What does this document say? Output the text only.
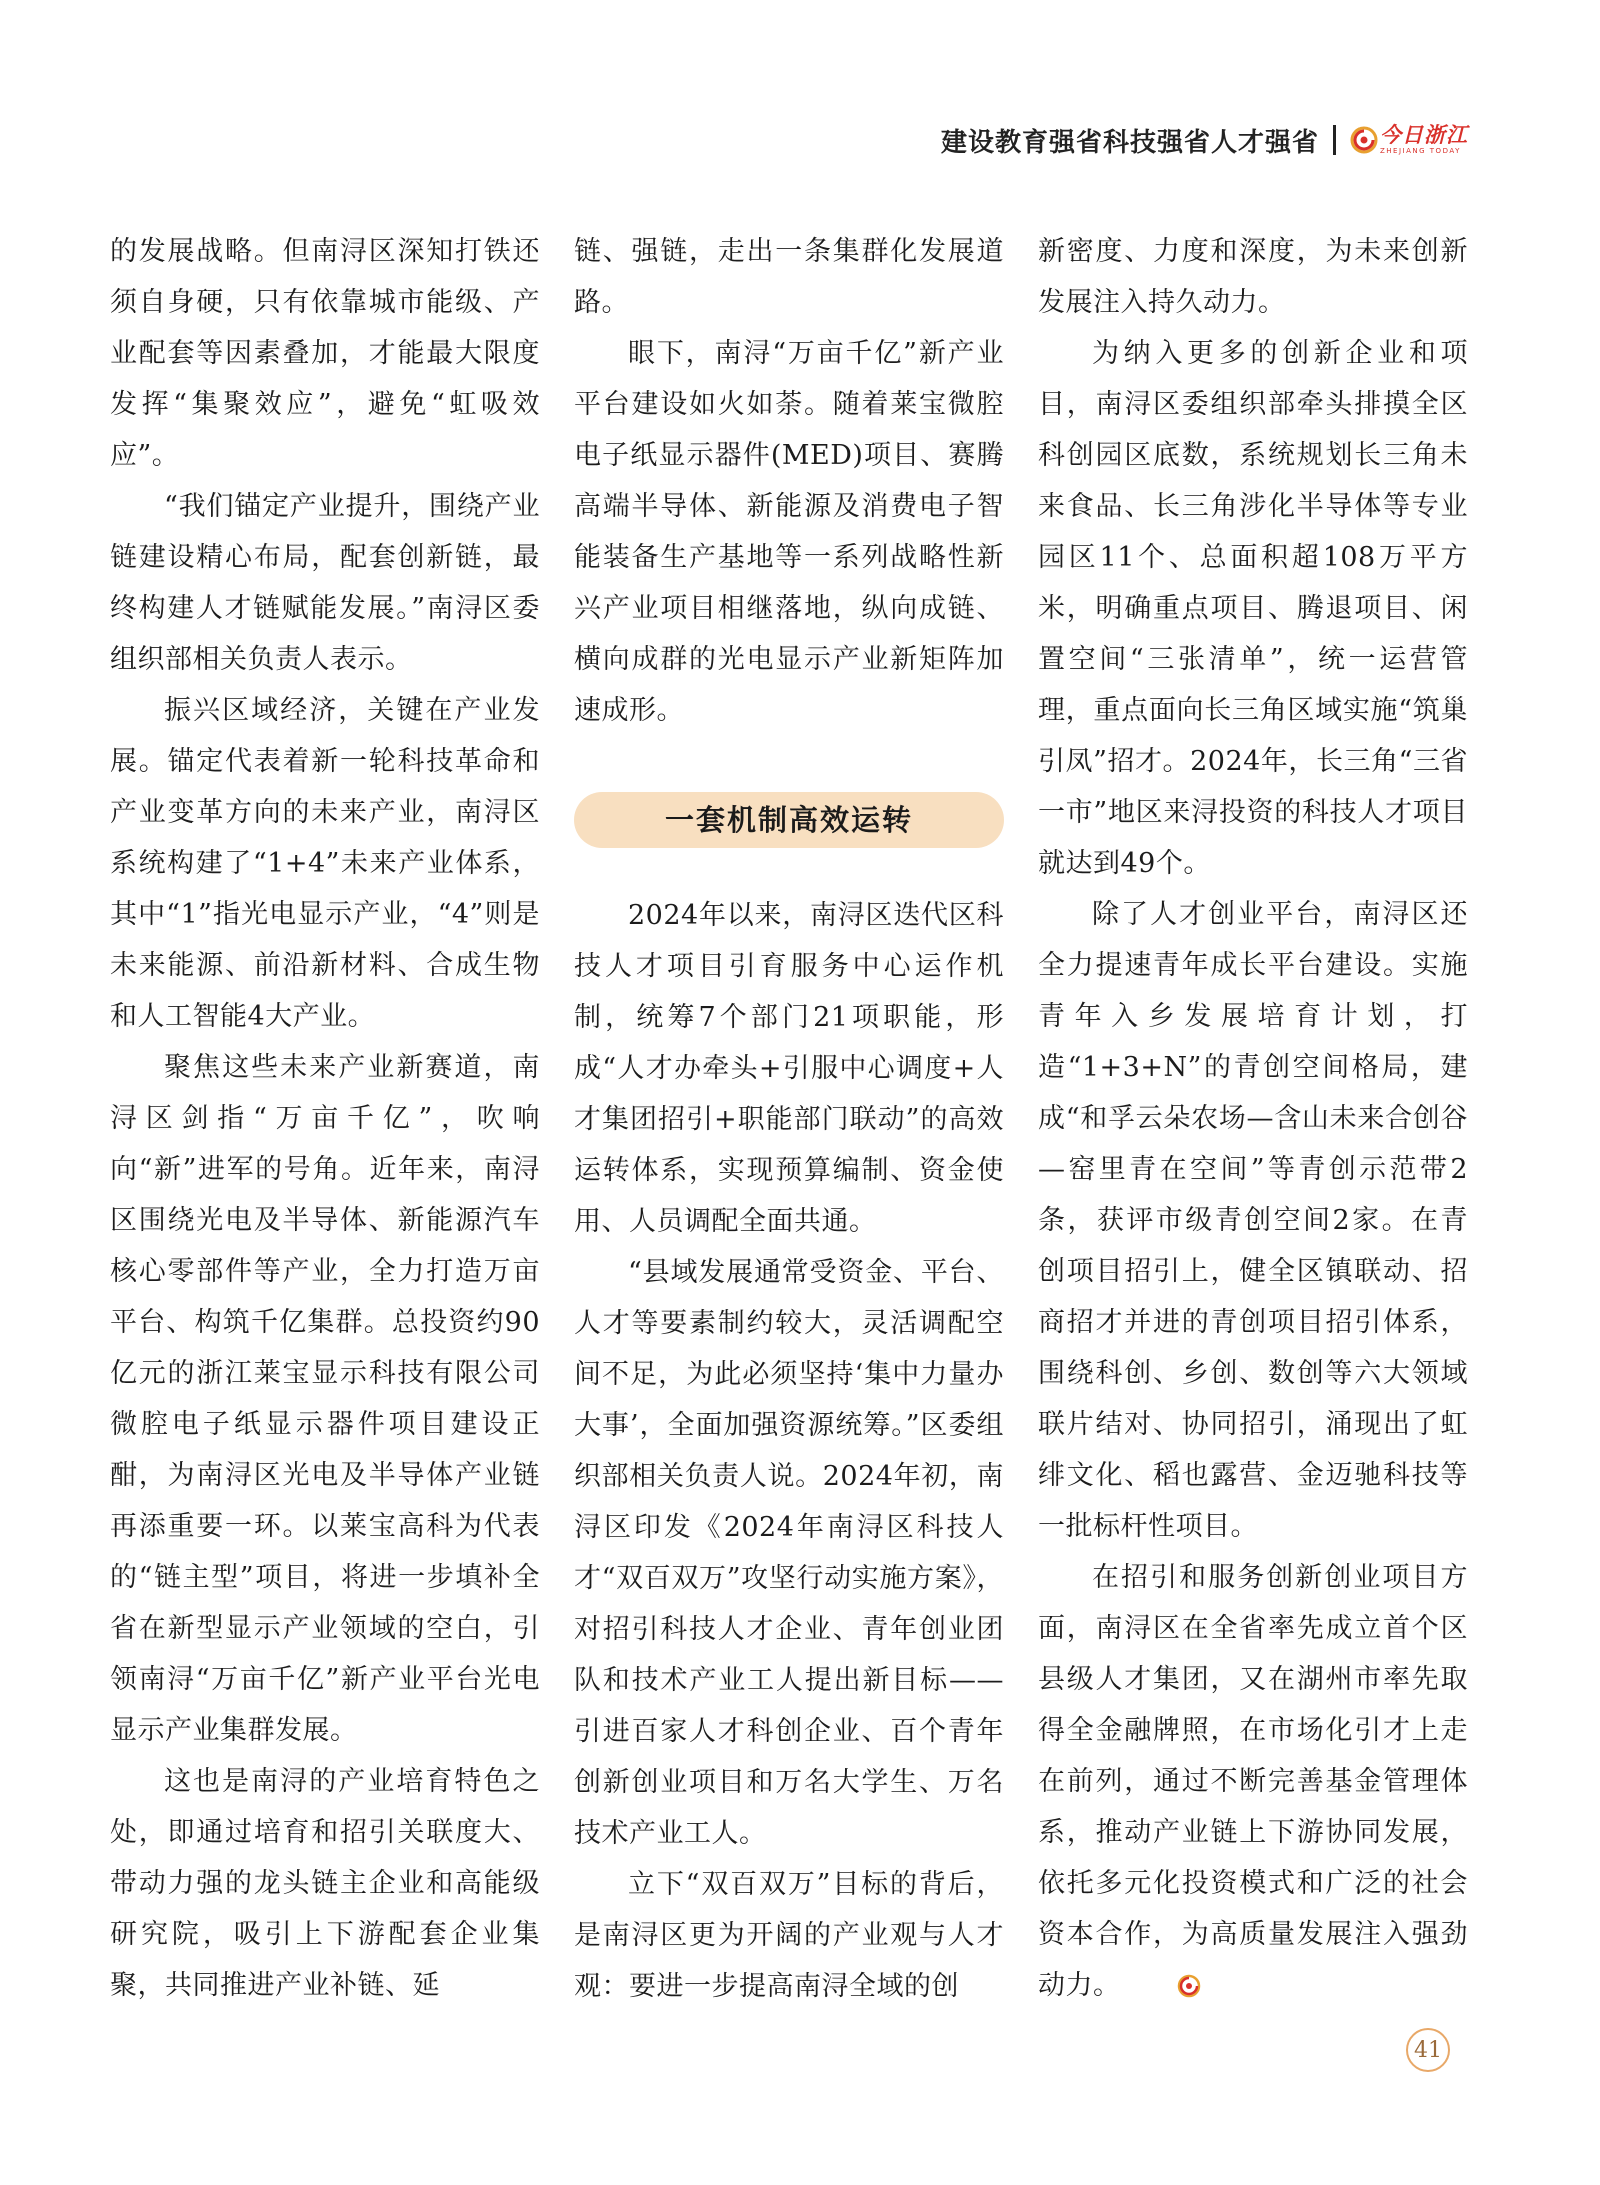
建设教育强省科技强省人才强省	今日浙江
ZHEJIANG TODAY

的发展战略。但南浔区深知打铁还须自身硬，只有依靠城市能级、产业配套等因素叠加，才能最大限度发挥“集聚效应”，避免“虹吸效应”。

“我们锚定产业提升，围绕产业链建设精心布局，配套创新链，最终构建人才链赋能发展。”南浔区委组织部相关负责人表示。

振兴区域经济，关键在产业发展。锚定代表着新一轮科技革命和产业变革方向的未来产业，南浔区系统构建了“1+4”未来产业体系，其中“1”指光电显示产业，“4”则是未来能源、前沿新材料、合成生物和人工智能4大产业。

聚焦这些未来产业新赛道，南浔区剑指“万亩千亿”，吹响向“新”进军的号角。近年来，南浔区围绕光电及半导体、新能源汽车核心零部件等产业，全力打造万亩平台、构筑千亿集群。总投资约90亿元的浙江莱宝显示科技有限公司微腔电子纸显示器件项目建设正酣，为南浔区光电及半导体产业链再添重要一环。以莱宝高科为代表的“链主型”项目，将进一步填补全省在新型显示产业领域的空白，引领南浔“万亩千亿”新产业平台光电显示产业集群发展。

这也是南浔的产业培育特色之处，即通过培育和招引关联度大、带动力强的龙头链主企业和高能级研究院，吸引上下游配套企业集聚，共同推进产业补链、延

链、强链，走出一条集群化发展道路。

眼下，南浔“万亩千亿”新产业平台建设如火如荼。随着莱宝微腔电子纸显示器件(MED)项目、赛腾高端半导体、新能源及消费电子智能装备生产基地等一系列战略性新兴产业项目相继落地，纵向成链、横向成群的光电显示产业新矩阵加速成形。

一套机制高效运转

2024年以来，南浔区迭代区科技人才项目引育服务中心运作机制，统筹7个部门21项职能，形成“人才办牵头+引服中心调度+人才集团招引+职能部门联动”的高效运转体系，实现预算编制、资金使用、人员调配全面共通。

“县域发展通常受资金、平台、人才等要素制约较大，灵活调配空间不足，为此必须坚持‘集中力量办大事’，全面加强资源统筹。”区委组织部相关负责人说。2024年初，南浔区印发《2024年南浔区科技人才“双百双万”攻坚行动实施方案》，对招引科技人才企业、青年创业团队和技术产业工人提出新目标——引进百家人才科创企业、百个青年创新创业项目和万名大学生、万名技术产业工人。

立下“双百双万”目标的背后，是南浔区更为开阔的产业观与人才观：要进一步提高南浔全域的创

新密度、力度和深度，为未来创新发展注入持久动力。

为纳入更多的创新企业和项目，南浔区委组织部牵头排摸全区科创园区底数，系统规划长三角未来食品、长三角涉化半导体等专业园区11个、总面积超108万平方米，明确重点项目、腾退项目、闲置空间“三张清单”，统一运营管理，重点面向长三角区域实施“筑巢引凤”招才。2024年，长三角“三省一市”地区来浔投资的科技人才项目就达到49个。

除了人才创业平台，南浔区还全力提速青年成长平台建设。实施青年入乡发展培育计划，打造“1+3+N”的青创空间格局，建成“和孚云朵农场—含山未来合创谷—窑里青在空间”等青创示范带2条，获评市级青创空间2家。在青创项目招引上，健全区镇联动、招商招才并进的青创项目招引体系，围绕科创、乡创、数创等六大领域联片结对、协同招引，涌现出了虹绯文化、稻也露营、金迈驰科技等一批标杆性项目。

在招引和服务创新创业项目方面，南浔区在全省率先成立首个区县级人才集团，又在湖州市率先取得全金融牌照，在市场化引才上走在前列，通过不断完善基金管理体系，推动产业链上下游协同发展，依托多元化投资模式和广泛的社会资本合作，为高质量发展注入强劲动力。

41
